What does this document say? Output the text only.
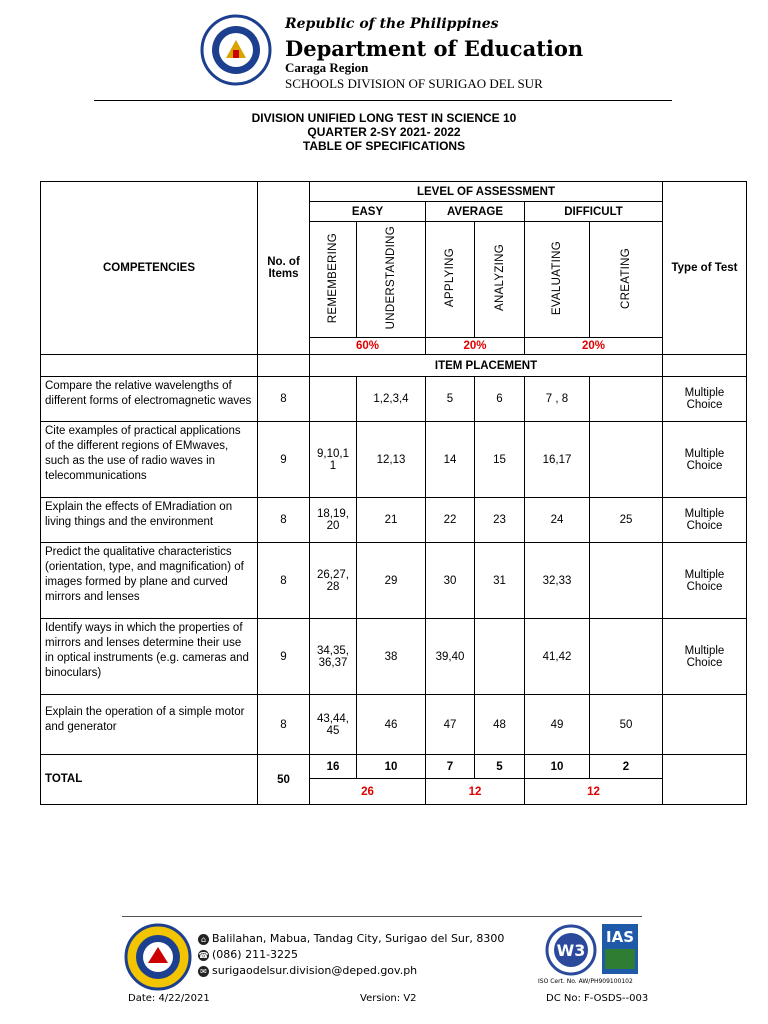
Republic of the Philippines
Department of Education
Caraga Region
SCHOOLS DIVISION OF SURIGAO DEL SUR
DIVISION UNIFIED LONG TEST IN SCIENCE 10
QUARTER 2-SY 2021- 2022
TABLE OF SPECIFICATIONS
COMPETENCIES	No. of Items	LEVEL OF ASSESSMENT						Type of Test
		EASY		AVERAGE		DIFFICULT		
		REMEMBERING	UNDERSTANDING	APPLYING	ANALYZING	EVALUATING	CREATING	
		60%		20%		20%		
		ITEM PLACEMENT						
Compare the relative wavelengths of different forms of electromagnetic waves	8		1,2,3,4	5	6	7 , 8		Multiple Choice
Cite examples of practical applications of the different regions of EMwaves, such as the use of radio waves in telecommunications	9	9,10,1 1	12,13	14	15	16,17		Multiple Choice
Explain the effects of EMradiation on living things and the environment	8	18,19, 20	21	22	23	24	25	Multiple Choice
Predict the qualitative characteristics (orientation, type, and magnification) of images formed by plane and curved mirrors and lenses	8	26,27, 28	29	30	31	32,33		Multiple Choice
Identify ways in which the properties of mirrors and lenses determine their use in optical instruments (e.g. cameras and binoculars)	9	34,35, 36,37	38	39,40		41,42		Multiple Choice
Explain the operation of a simple motor and generator	8	43,44, 45	46	47	48	49	50	
TOTAL	50	16	10	7	5	10	2	
		26		12		12		
⌂ Balilahan, Mabua, Tandag City, Surigao del Sur, 8300
☎ (086) 211-3225
✉ surigaodelsur.division@deped.gov.ph
W3
IAS
ISO Cert. No. AW/PH909100102
Date: 4/22/2021	Version: V2	DC No: F-OSDS--003
